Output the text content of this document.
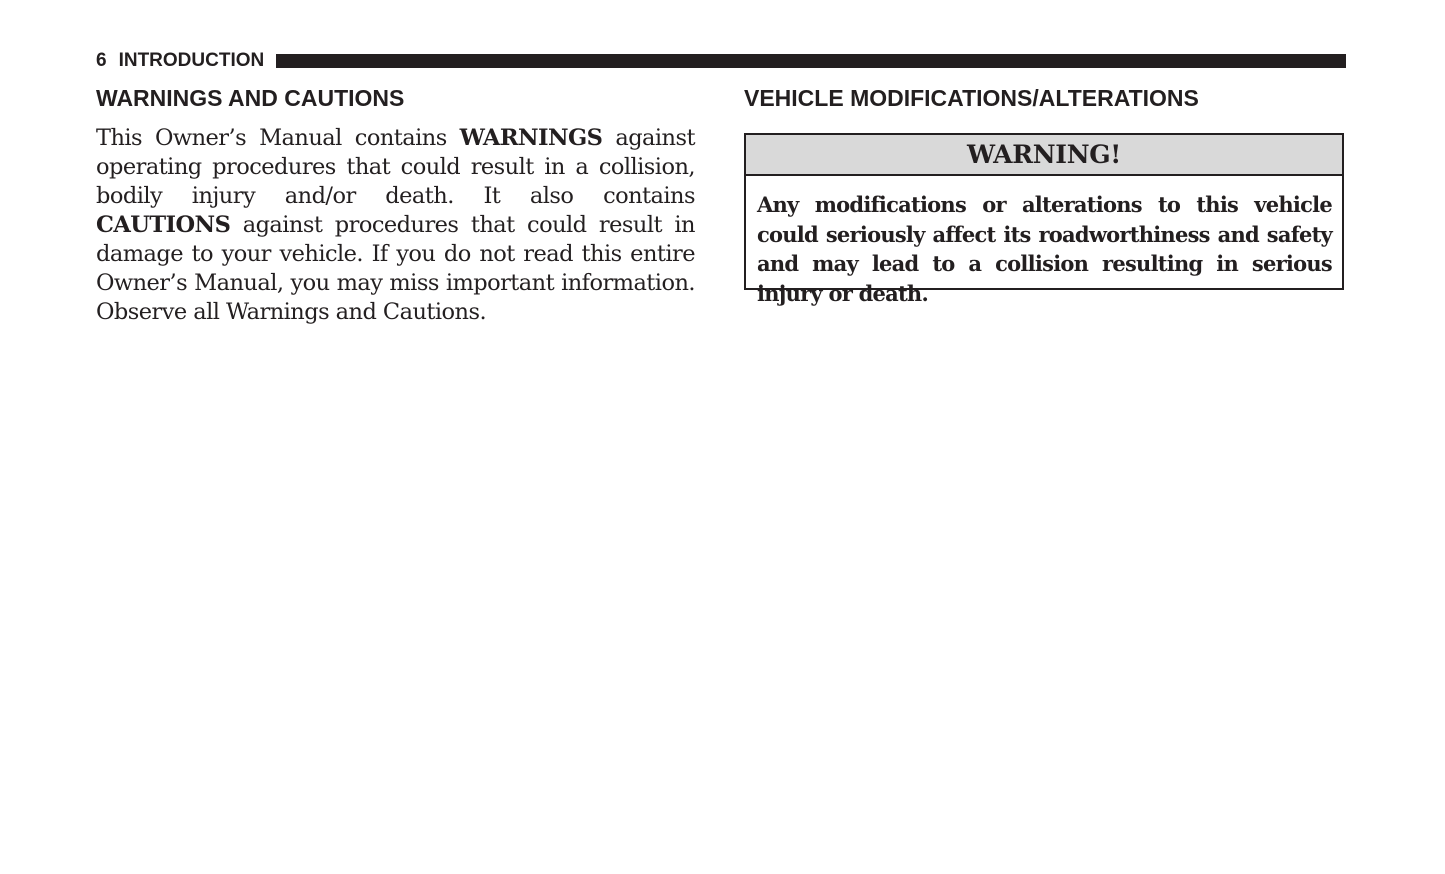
6 INTRODUCTION
WARNINGS AND CAUTIONS

This Owner’s Manual contains WARNINGS against operating procedures that could result in a collision, bodily injury and/or death. It also contains CAUTIONS against procedures that could result in damage to your vehicle. If you do not read this entire Owner’s Manual, you may miss important information. Observe all Warnings and Cautions.

VEHICLE MODIFICATIONS/ALTERATIONS
WARNING!

Any modifications or alterations to this vehicle could seriously affect its roadworthiness and safety and may lead to a collision resulting in serious injury or death.
